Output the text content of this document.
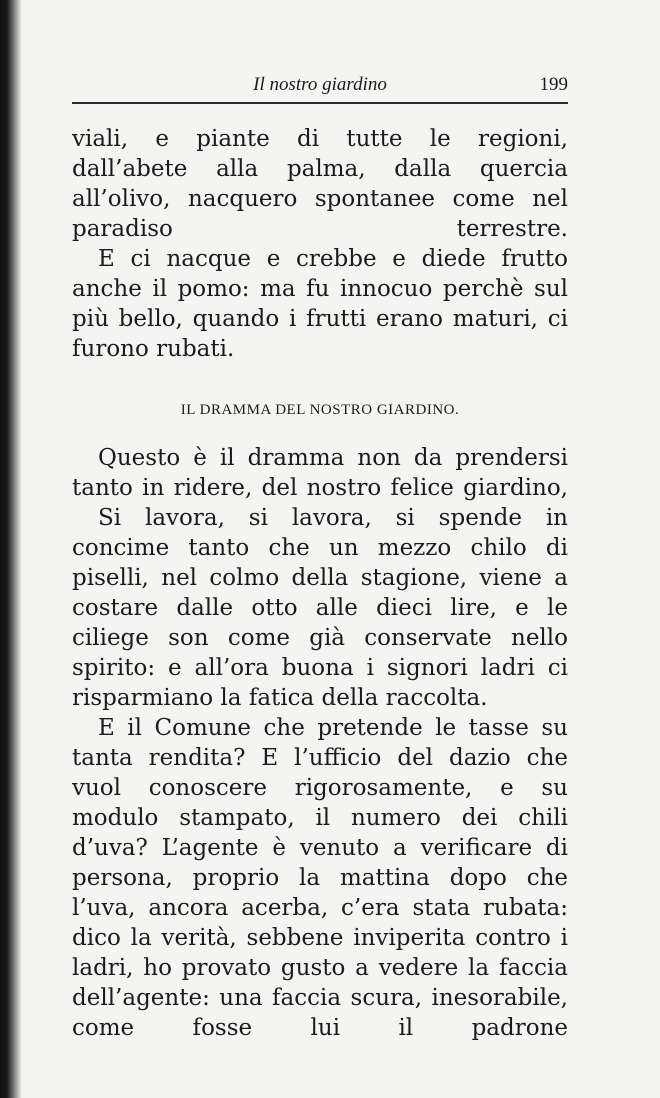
Il nostro giardino	199

viali, e piante di tutte le regioni, dall’abete alla palma, dalla quercia all’olivo, nacquero spontanee come nel paradiso terrestre.

E ci nacque e crebbe e diede frutto anche il pomo: ma fu innocuo perchè sul più bello, quando i frutti erano maturi, ci furono rubati.

IL DRAMMA DEL NOSTRO GIARDINO.

Questo è il dramma non da prendersi tanto in ridere, del nostro felice giardino,

Si lavora, si lavora, si spende in concime tanto che un mezzo chilo di piselli, nel colmo della stagione, viene a costare dalle otto alle dieci lire, e le ciliege son come già conservate nello spirito: e all’ora buona i signori ladri ci risparmiano la fatica della raccolta.

E il Comune che pretende le tasse su tanta rendita? E l’ufficio del dazio che vuol conoscere rigorosamente, e su modulo stampato, il numero dei chili d’uva? L’agente è venuto a verificare di persona, proprio la mattina dopo che l’uva, ancora acerba, c’era stata rubata: dico la verità, sebbene inviperita contro i ladri, ho provato gusto a vedere la faccia dell’agente: una faccia scura, inesorabile, come fosse lui il padrone
